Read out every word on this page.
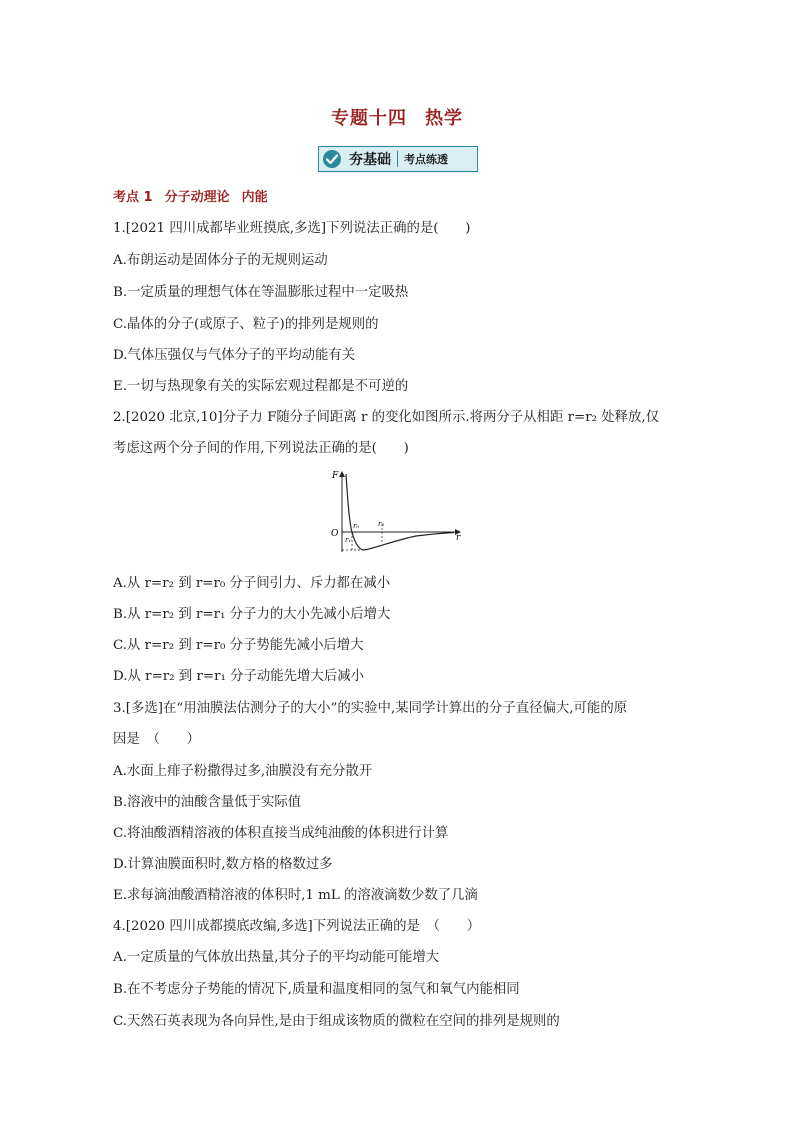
专题十四 热学
夯基础 考点练透
考点 1 分子动理论 内能
1.[2021 四川成都毕业班摸底,多选]下列说法正确的是(　　)
A.布朗运动是固体分子的无规则运动
B.一定质量的理想气体在等温膨胀过程中一定吸热
C.晶体的分子(或原子、粒子)的排列是规则的
D.气体压强仅与气体分子的平均动能有关
E.一切与热现象有关的实际宏观过程都是不可逆的
2.[2020 北京,10]分子力 F随分子间距离 r 的变化如图所示.将两分子从相距 r=r₂ 处释放,仅
考虑这两个分子间的作用,下列说法正确的是(　　)
F
O	r
r₀
r₁
r₂
A.从 r=r₂ 到 r=r₀ 分子间引力、斥力都在减小
B.从 r=r₂ 到 r=r₁ 分子力的大小先减小后增大
C.从 r=r₂ 到 r=r₀ 分子势能先减小后增大
D.从 r=r₂ 到 r=r₁ 分子动能先增大后减小
3.[多选]在“用油膜法估测分子的大小”的实验中,某同学计算出的分子直径偏大,可能的原
因是　（　　）
A.水面上痱子粉撒得过多,油膜没有充分散开
B.溶液中的油酸含量低于实际值
C.将油酸酒精溶液的体积直接当成纯油酸的体积进行计算
D.计算油膜面积时,数方格的格数过多
E.求每滴油酸酒精溶液的体积时,1 mL 的溶液滴数少数了几滴
4.[2020 四川成都摸底改编,多选]下列说法正确的是　（　　）
A.一定质量的气体放出热量,其分子的平均动能可能增大
B.在不考虑分子势能的情况下,质量和温度相同的氢气和氧气内能相同
C.天然石英表现为各向异性,是由于组成该物质的微粒在空间的排列是规则的
